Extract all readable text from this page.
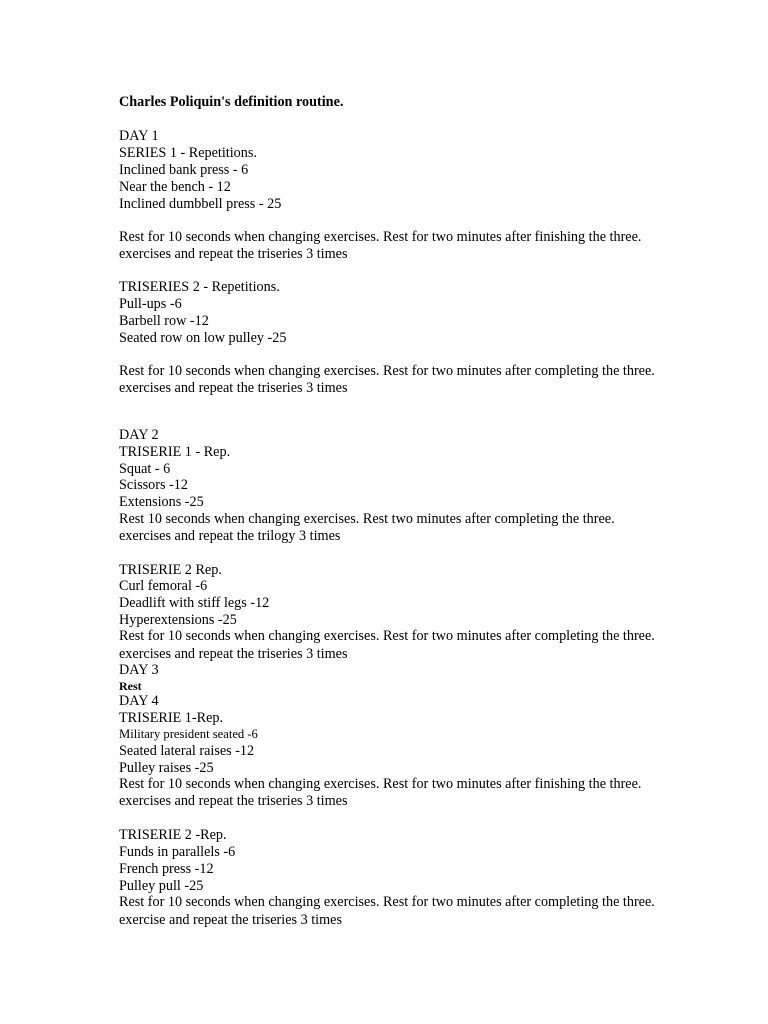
Charles Poliquin's definition routine.
DAY 1
SERIES 1 - Repetitions.
Inclined bank press - 6
Near the bench - 12
Inclined dumbbell press - 25
Rest for 10 seconds when changing exercises. Rest for two minutes after finishing the three.
exercises and repeat the triseries 3 times
TRISERIES 2 - Repetitions.
Pull-ups -6
Barbell row -12
Seated row on low pulley -25
Rest for 10 seconds when changing exercises. Rest for two minutes after completing the three.
exercises and repeat the triseries 3 times
DAY 2
TRISERIE 1 - Rep.
Squat - 6
Scissors -12
Extensions -25
Rest 10 seconds when changing exercises. Rest two minutes after completing the three.
exercises and repeat the trilogy 3 times
TRISERIE 2 Rep.
Curl femoral -6
Deadlift with stiff legs -12
Hyperextensions -25
Rest for 10 seconds when changing exercises. Rest for two minutes after completing the three.
exercises and repeat the triseries 3 times
DAY 3
Rest
DAY 4
TRISERIE 1-Rep.
Military president seated -6
Seated lateral raises -12
Pulley raises -25
Rest for 10 seconds when changing exercises. Rest for two minutes after finishing the three.
exercises and repeat the triseries 3 times
TRISERIE 2 -Rep.
Funds in parallels -6
French press -12
Pulley pull -25
Rest for 10 seconds when changing exercises. Rest for two minutes after completing the three.
exercise and repeat the triseries 3 times
